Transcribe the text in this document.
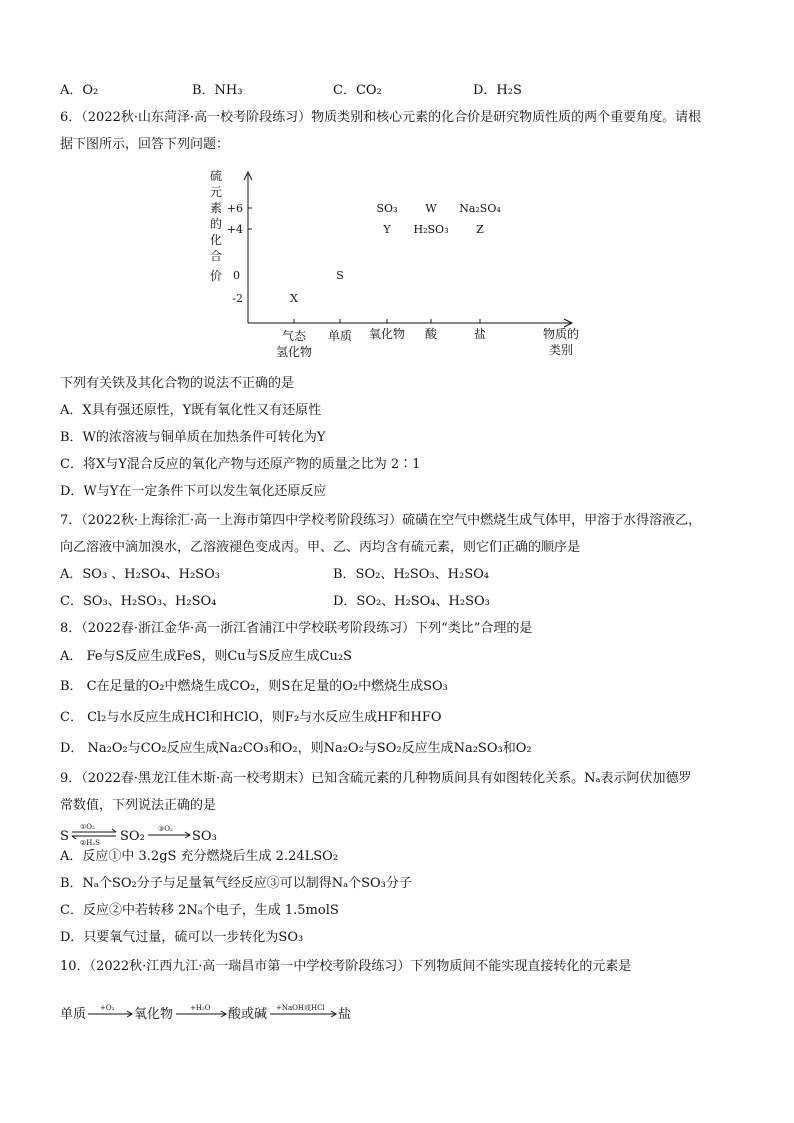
A．O₂	B．NH₃	C．CO₂	D．H₂S
6．（2022秋·山东菏泽·高一校考阶段练习）物质类别和核心元素的化合价是研究物质性质的两个重要角度。请根
据下图所示，回答下列问题：
硫
元
素
的
化
合
价
+6
+4
0
-2
气态
氢化物
单质 氧化物 酸	盐	物质的
类别
SO₃	W Na₂SO₄
Y H₂SO₃	Z
S
X
下列有关铁及其化合物的说法不正确的是
A．X具有强还原性，Y既有氧化性又有还原性
B．W的浓溶液与铜单质在加热条件可转化为Y
C．将X与Y混合反应的氧化产物与还原产物的质量之比为 2∶1
D．W与Y在一定条件下可以发生氧化还原反应
7．（2022秋·上海徐汇·高一上海市第四中学校考阶段练习）硫磺在空气中燃烧生成气体甲，甲溶于水得溶液乙，
向乙溶液中滴加溴水，乙溶液褪色变成丙。甲、乙、丙均含有硫元素，则它们正确的顺序是
A．SO₃ 、H₂SO₄、H₂SO₃	B．SO₂、H₂SO₃、H₂SO₄
C．SO₃、H₂SO₃、H₂SO₄	D．SO₂、H₂SO₄、H₂SO₃
8．（2022春·浙江金华·高一浙江省浦江中学校联考阶段练习）下列“类比”合理的是
A． Fe与S反应生成FeS，则Cu与S反应生成Cu₂S
B． C在足量的O₂中燃烧生成CO₂，则S在足量的O₂中燃烧生成SO₃
C． Cl₂与水反应生成HCl和HClO，则F₂与水反应生成HF和HFO
D． Na₂O₂与CO₂反应生成Na₂CO₃和O₂，则Na₂O₂与SO₂反应生成Na₂SO₃和O₂
9．（2022春·黑龙江佳木斯·高一校考期末）已知含硫元素的几种物质间具有如图转化关系。Nₐ表示阿伏加德罗
常数值，下列说法正确的是
S
①O₂
②H₂S SO₂ ③O₂ SO₃
A．反应①中 3.2gS 充分燃烧后生成 2.24LSO₂
B．Nₐ个SO₂分子与足量氧气经反应③可以制得Nₐ个SO₃分子
C．反应②中若转移 2Nₐ个电子，生成 1.5molS
D．只要氧气过量，硫可以一步转化为SO₃
10．（2022秋·江西九江·高一瑞昌市第一中学校考阶段练习）下列物质间不能实现直接转化的元素是
单质 +O₂ 氧化物 +H₂O 酸或碱 +NaOH或HCl 盐
